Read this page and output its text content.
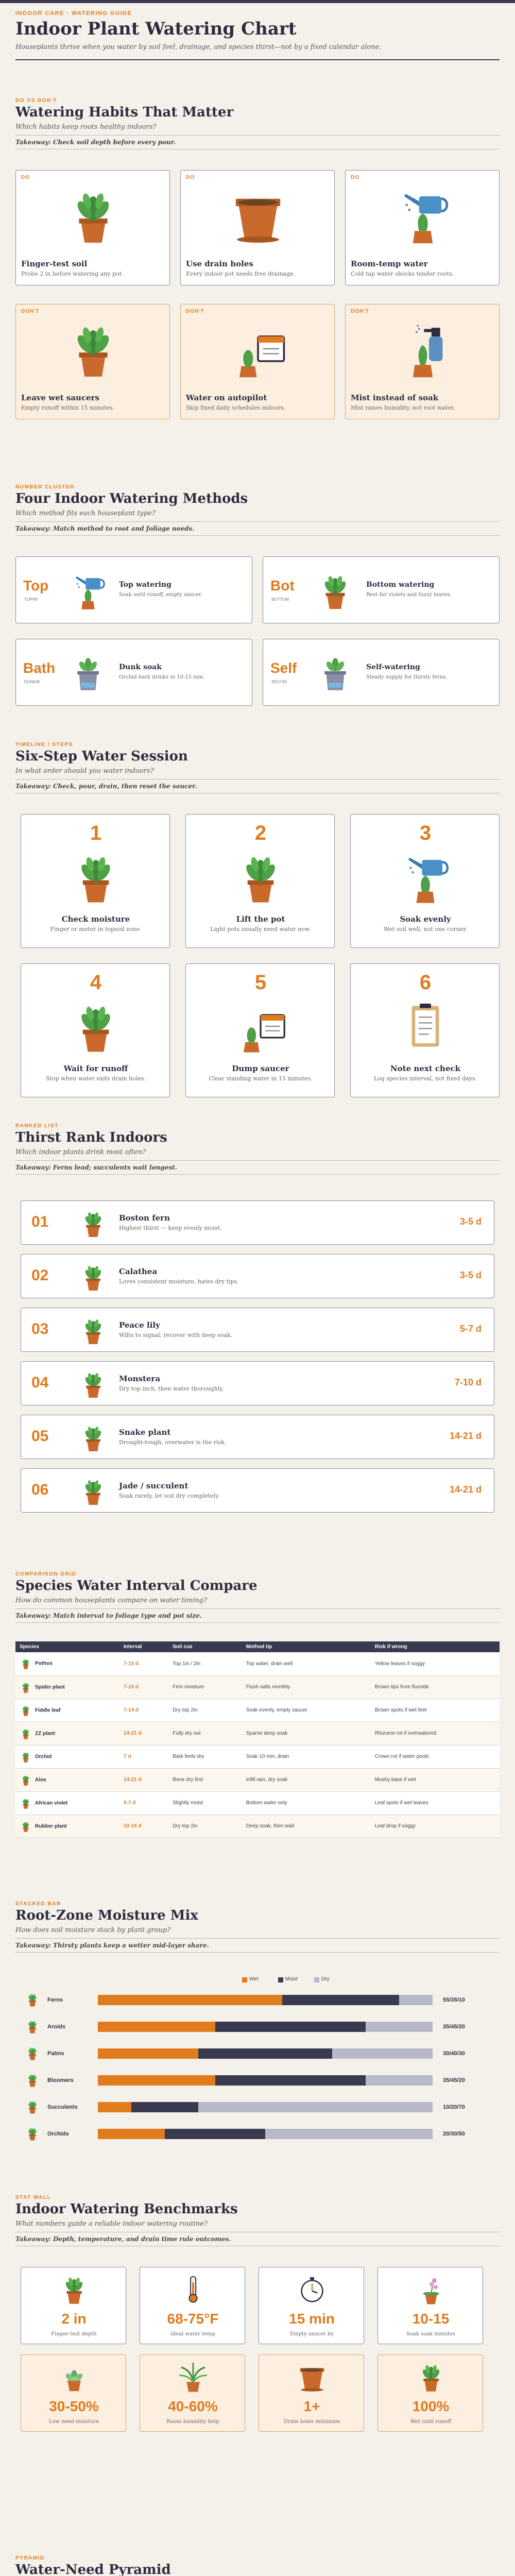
INDOOR CARE · WATERING GUIDE
Indoor Plant Watering Chart
Houseplants thrive when you water by soil feel, drainage, and species thirst—not by a fixed calendar alone.
DO VS DON'T
Watering Habits That Matter
Which habits keep roots healthy indoors?
Takeaway: Check soil depth before every pour.
NUMBER CLUSTER
Four Indoor Watering Methods
Which method fits each houseplant type?
Takeaway: Match method to root and foliage needs.
TIMELINE / STEPS
Six-Step Water Session
In what order should you water indoors?
Takeaway: Check, pour, drain, then reset the saucer.
RANKED LIST
Thirst Rank Indoors
Which indoor plants drink most often?
Takeaway: Ferns lead; succulents wait longest.
COMPARISON GRID
Species Water Interval Compare
How do common houseplants compare on water timing?
Takeaway: Match interval to foliage type and pot size.
Species	Interval	Soil cue	Method tip	Risk if wrong
Pothos	7-10 d	Top 1in / 2in	Top water, drain well	Yellow leaves if soggy
Spider plant	7-10 d	Firm moisture	Flush salts monthly	Brown tips from fluoride
Fiddle leaf	7-14 d	Dry top 2in	Soak evenly, empty saucer	Brown spots if wet feet
ZZ plant	14-21 d	Fully dry out	Sparse deep soak	Rhizome rot if overwatered
Orchid	7 d	Bark feels dry	Soak 10 min, drain	Crown rot if water pools
Aloe	14-21 d	Bone dry first	Infill rain, dry soak	Mushy base if wet
African violet	5-7 d	Slightly moist	Bottom water only	Leaf spots if wet leaves
Rubber plant	10-14 d	Dry top 2in	Deep soak, then wait	Leaf drop if soggy
STACKED BAR
Root-Zone Moisture Mix
How does soil moisture stack by plant group?
Takeaway: Thirsty plants keep a wetter mid-layer share.
STAT WALL
Indoor Watering Benchmarks
What numbers guide a reliable indoor watering routine?
Takeaway: Depth, temperature, and drain time rule outcomes.
PYRAMID
Water-Need Pyramid
DO
Finger-test soil
Probe 2 in before watering any pot.
DO
Use drain holes
Every indoor pot needs free drainage.
DO
Room-temp water
Cold tap water shocks tender roots.
DON'T
Leave wet saucers
Empty runoff within 15 minutes.
DON'T
Water on autopilot
Skip fixed daily schedules indoors.
DON'T
Mist instead of soak
Mist raises humidity, not root water.
Top
TOP/W
Top watering
Soak until runoff, empty saucer.
Bot
BOTTOM
Bottom watering
Best for violets and fuzzy leaves.
Bath
DUNK/B
Dunk soak
Orchid bark drinks in 10-15 min.
Self
SELF/W
Self-watering
Steady supply for thirsty ferns.
1
Check moisture
Finger or meter in topsoil zone.
2
Lift the pot
Light pots usually need water now.
3
Soak evenly
Wet soil well, not one corner.
4
Wait for runoff
Stop when water exits drain holes.
5
Dump saucer
Clear standing water in 15 minutes.
6
Note next check
Log species interval, not fixed days.
01	Boston fern
Highest thirst — keep evenly moist.
3-5 d
02	Calathea
Loves consistent moisture, hates dry tips.
3-5 d
03	Peace lily
Wilts to signal, recover with deep soak.
5-7 d
04	Monstera
Dry top inch, then water thoroughly.
7-10 d
05	Snake plant
Drought-tough, overwater is the risk.
14-21 d
06	Jade / succulent
Soak rarely, let soil dry completely.
14-21 d
Wet	Moist	Dry
Ferns	55/35/10
Aroids	35/45/20
Palms	30/40/30
Bloomers	35/45/20
Succulents	10/20/70
Orchids	20/30/50
2 in
Finger-test depth
68-75°F
Ideal water temp
15 min
Empty saucer by
10-15
Soak soak minutes
30-50%
Low need moisture
40-60%
Room humidity help
1+
Drain holes minimum
100%
Wet until runoff
